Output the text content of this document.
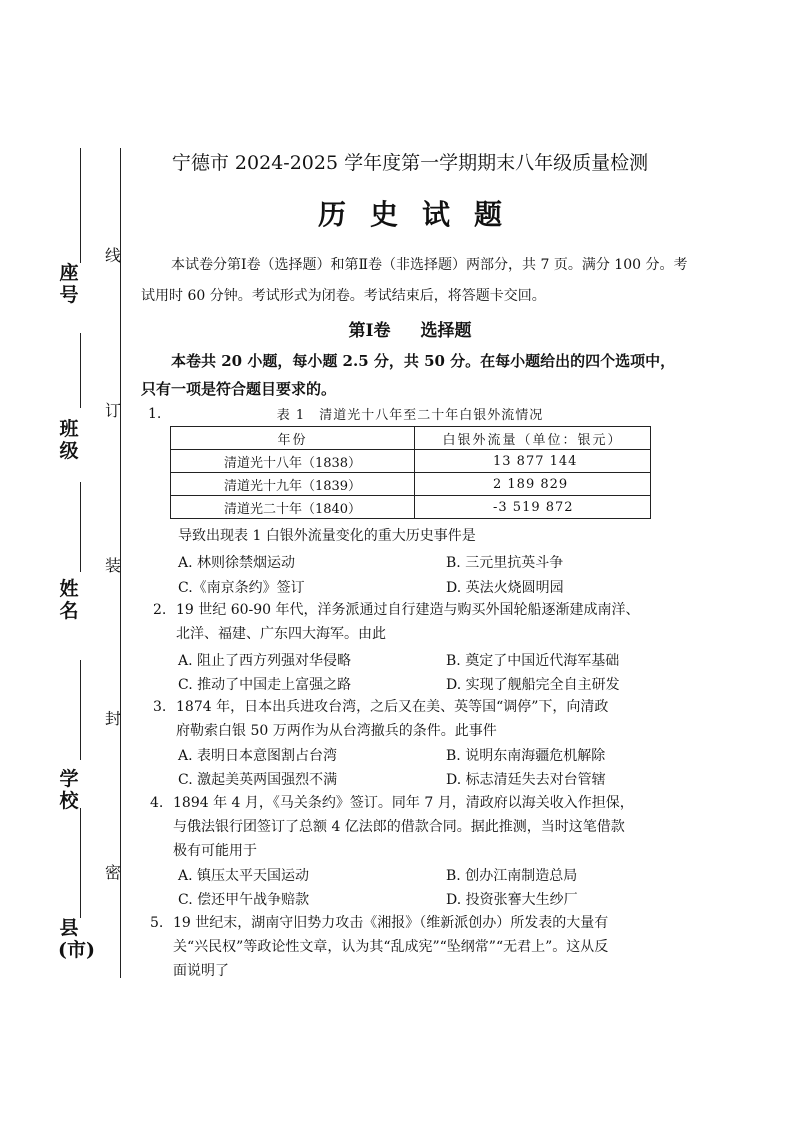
座号
班级
姓名
学校
县(市)
线
订
装
封
密
宁德市 2024-2025 学年度第一学期期末八年级质量检测
历史试题
本试卷分第Ⅰ卷（选择题）和第Ⅱ卷（非选择题）两部分，共 7 页。满分 100 分。考试用时 60 分钟。考试形式为闭卷。考试结束后，将答题卡交回。
第Ⅰ卷 选择题
本卷共 20 小题，每小题 2.5 分，共 50 分。在每小题给出的四个选项中，只有一项是符合题目要求的。
1.	表 1　清道光十八年至二十年白银外流情况
年份	白银外流量（单位：银元）
清道光十八年（1838）	13 877 144
清道光十九年（1839）	2 189 829
清道光二十年（1840）	-3 519 872
导致出现表 1 白银外流量变化的重大历史事件是
A. 林则徐禁烟运动	B. 三元里抗英斗争
C.《南京条约》签订	D. 英法火烧圆明园
2. 19 世纪 60-90 年代，洋务派通过自行建造与购买外国轮船逐渐建成南洋、
北洋、福建、广东四大海军。由此
A. 阻止了西方列强对华侵略	B. 奠定了中国近代海军基础
C. 推动了中国走上富强之路	D. 实现了舰船完全自主研发
3. 1874 年，日本出兵进攻台湾，之后又在美、英等国“调停”下，向清政
府勒索白银 50 万两作为从台湾撤兵的条件。此事件
A. 表明日本意图割占台湾	B. 说明东南海疆危机解除
C. 激起美英两国强烈不满	D. 标志清廷失去对台管辖
4. 1894 年 4 月，《马关条约》签订。同年 7 月，清政府以海关收入作担保，
与俄法银行团签订了总额 4 亿法郎的借款合同。据此推测，当时这笔借款
极有可能用于
A. 镇压太平天国运动	B. 创办江南制造总局
C. 偿还甲午战争赔款	D. 投资张謇大生纱厂
5. 19 世纪末，湖南守旧势力攻击《湘报》（维新派创办）所发表的大量有
关“兴民权”等政论性文章，认为其“乱成宪”“坠纲常”“无君上”。这从反
面说明了
